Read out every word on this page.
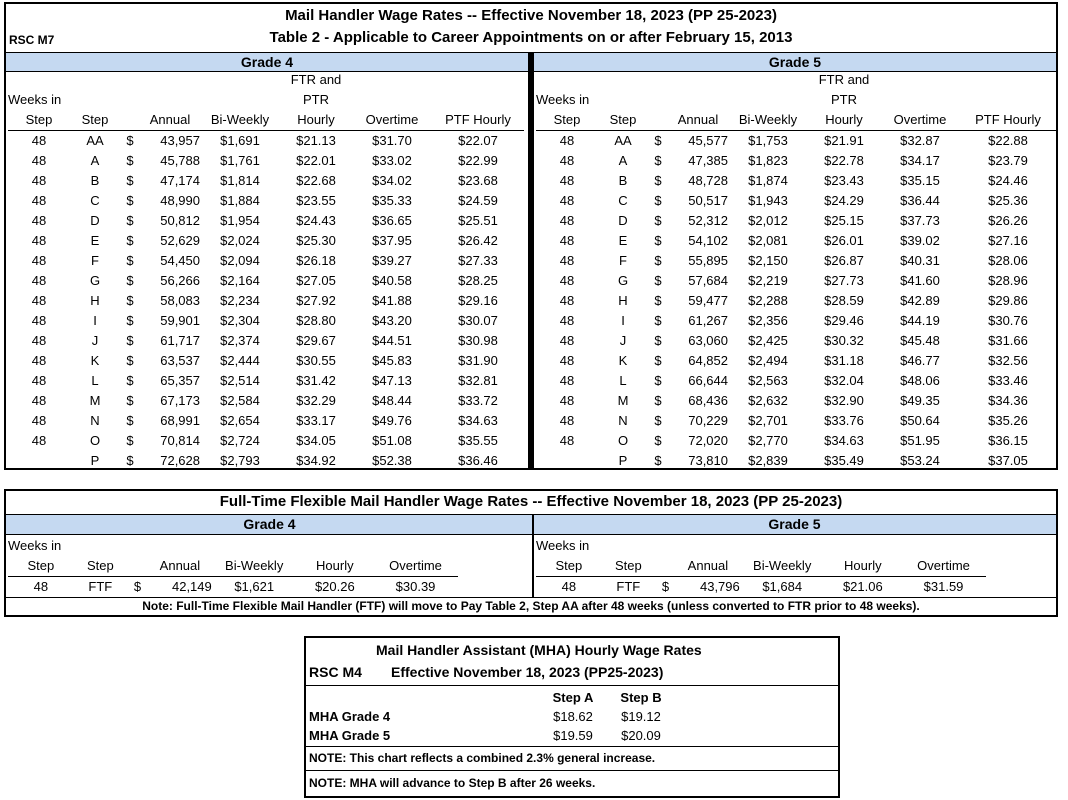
Mail Handler Wage Rates -- Effective November 18, 2023 (PP 25-2023)
Table 2 - Applicable to Career Appointments on or after February 15, 2013
RSC M7
Grade 4	Grade 5
					FTR and		
Weeks in					PTR		
Step	Step		Annual	Bi-Weekly	Hourly	Overtime	PTF Hourly
48	AA	$	43,957	$1,691	$21.13	$31.70	$22.07
48	A	$	45,788	$1,761	$22.01	$33.02	$22.99
48	B	$	47,174	$1,814	$22.68	$34.02	$23.68
48	C	$	48,990	$1,884	$23.55	$35.33	$24.59
48	D	$	50,812	$1,954	$24.43	$36.65	$25.51
48	E	$	52,629	$2,024	$25.30	$37.95	$26.42
48	F	$	54,450	$2,094	$26.18	$39.27	$27.33
48	G	$	56,266	$2,164	$27.05	$40.58	$28.25
48	H	$	58,083	$2,234	$27.92	$41.88	$29.16
48	I	$	59,901	$2,304	$28.80	$43.20	$30.07
48	J	$	61,717	$2,374	$29.67	$44.51	$30.98
48	K	$	63,537	$2,444	$30.55	$45.83	$31.90
48	L	$	65,357	$2,514	$31.42	$47.13	$32.81
48	M	$	67,173	$2,584	$32.29	$48.44	$33.72
48	N	$	68,991	$2,654	$33.17	$49.76	$34.63
48	O	$	70,814	$2,724	$34.05	$51.08	$35.55
	P	$	72,628	$2,793	$34.92	$52.38	$36.46
					FTR and		
Weeks in					PTR		
Step	Step		Annual	Bi-Weekly	Hourly	Overtime	PTF Hourly
48	AA	$	45,577	$1,753	$21.91	$32.87	$22.88
48	A	$	47,385	$1,823	$22.78	$34.17	$23.79
48	B	$	48,728	$1,874	$23.43	$35.15	$24.46
48	C	$	50,517	$1,943	$24.29	$36.44	$25.36
48	D	$	52,312	$2,012	$25.15	$37.73	$26.26
48	E	$	54,102	$2,081	$26.01	$39.02	$27.16
48	F	$	55,895	$2,150	$26.87	$40.31	$28.06
48	G	$	57,684	$2,219	$27.73	$41.60	$28.96
48	H	$	59,477	$2,288	$28.59	$42.89	$29.86
48	I	$	61,267	$2,356	$29.46	$44.19	$30.76
48	J	$	63,060	$2,425	$30.32	$45.48	$31.66
48	K	$	64,852	$2,494	$31.18	$46.77	$32.56
48	L	$	66,644	$2,563	$32.04	$48.06	$33.46
48	M	$	68,436	$2,632	$32.90	$49.35	$34.36
48	N	$	70,229	$2,701	$33.76	$50.64	$35.26
48	O	$	72,020	$2,770	$34.63	$51.95	$36.15
	P	$	73,810	$2,839	$35.49	$53.24	$37.05
Full-Time Flexible Mail Handler Wage Rates -- Effective November 18, 2023 (PP 25-2023)
Grade 4	Grade 5
Weeks in						
Step	Step		Annual	Bi-Weekly	Hourly	Overtime
48	FTF	$	42,149	$1,621	$20.26	$30.39
Weeks in						
Step	Step		Annual	Bi-Weekly	Hourly	Overtime
48	FTF	$	43,796	$1,684	$21.06	$31.59
Note: Full-Time Flexible Mail Handler (FTF) will move to Pay Table 2, Step AA after 48 weeks (unless converted to FTR prior to 48 weeks).
Mail Handler Assistant (MHA) Hourly Wage Rates
RSC M4 Effective November 18, 2023 (PP25-2023)
	Step A	Step B
MHA Grade 4	$18.62	$19.12
MHA Grade 5	$19.59	$20.09
NOTE: This chart reflects a combined 2.3% general increase.
NOTE: MHA will advance to Step B after 26 weeks.
